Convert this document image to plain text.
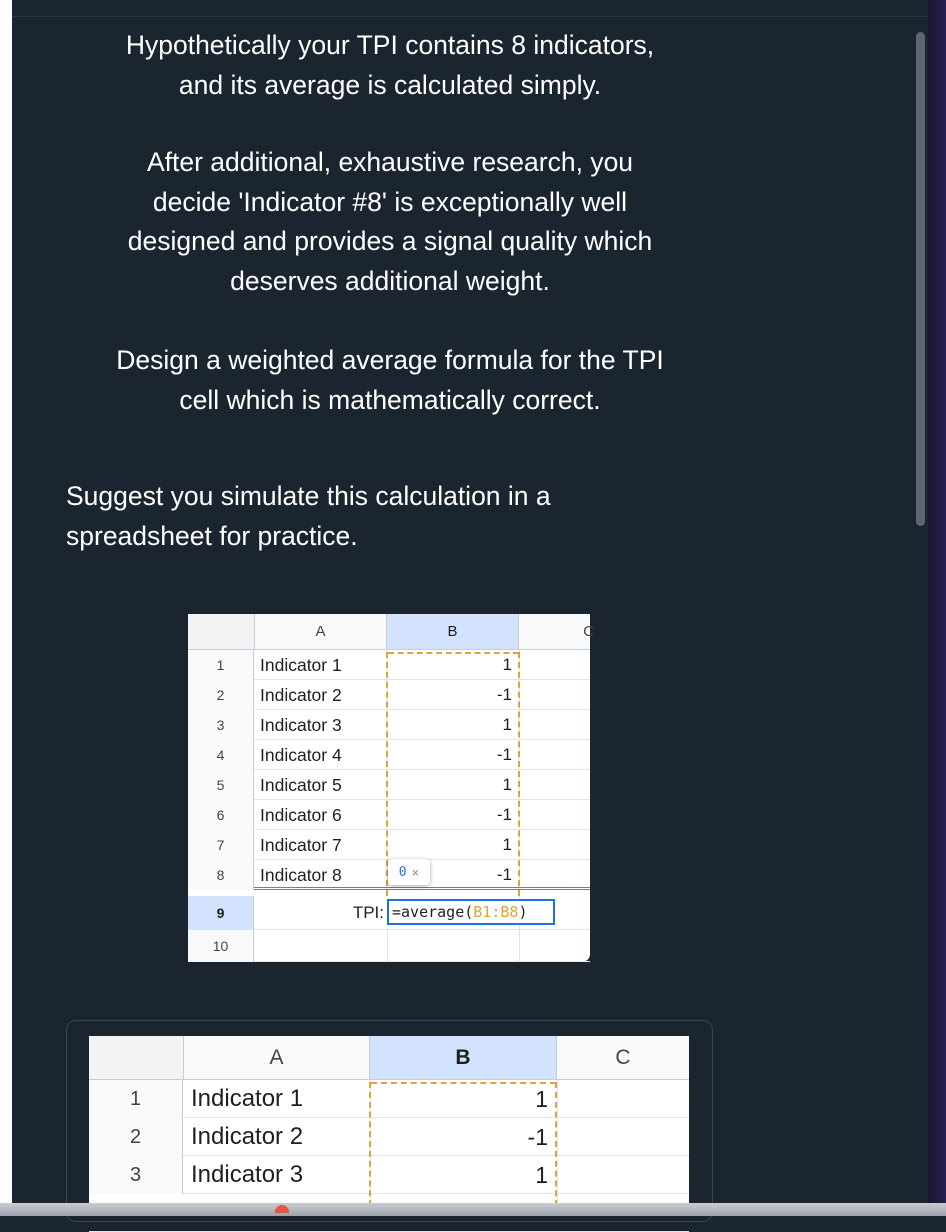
Hypothetically your TPI contains 8 indicators,
and its average is calculated simply.
After additional, exhaustive research, you
decide 'Indicator #8' is exceptionally well
designed and provides a signal quality which
deserves additional weight.
Design a weighted average formula for the TPI
cell which is mathematically correct.
Suggest you simulate this calculation in a
spreadsheet for practice.
A	B	C
1	Indicator 1	1
2	Indicator 2	-1
3	Indicator 3	1
4	Indicator 4	-1
5	Indicator 5	1
6	Indicator 6	-1
7	Indicator 7	1
8	Indicator 8	-1
9	TPI: =average( B1:B8 )
10
0 ×
A	B	C
1	Indicator 1	1
2	Indicator 2	-1
3	Indicator 3	1
